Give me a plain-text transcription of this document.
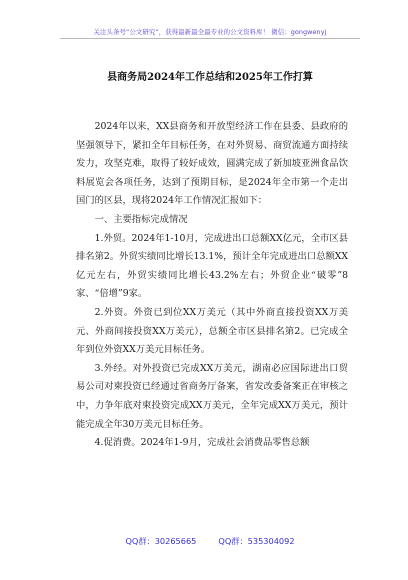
关注头条号“公文研究”，获得最新最全最专业的公文资料库！ 微信：gongwenyj
县商务局2024年工作总结和2025年工作打算

2024年以来，XX县商务和开放型经济工作在县委、县政府的坚强领导下，紧扣全年目标任务，在对外贸易、商贸流通方面持续发力，攻坚克难，取得了较好成效，圆满完成了新加坡亚洲食品饮料展览会各项任务，达到了预期目标，是2024年全市第一个走出国门的区县，现将2024年工作情况汇报如下：

一、主要指标完成情况

1.外贸。2024年1-10月，完成进出口总额XX亿元，全市区县排名第2。外贸实绩同比增长13.1%，预计全年完成进出口总额XX亿元左右，外贸实绩同比增长43.2%左右；外贸企业“破零”8家、“倍增”9家。

2.外资。外资已到位XX万美元（其中外商直接投资XX万美元、外商间接投资XX万美元），总额全市区县排名第2。已完成全年到位外资XX万美元目标任务。

3.外经。对外投资已完成XX万美元，湖南必应国际进出口贸易公司对柬投资已经通过省商务厅备案，省发改委备案正在审核之中，力争年底对柬投资完成XX万美元，全年完成XX万美元，预计能完成全年30万美元目标任务。

4.促消费。2024年1-9月，完成社会消费品零售总额

QQ群：30265665	QQ群：535304092
